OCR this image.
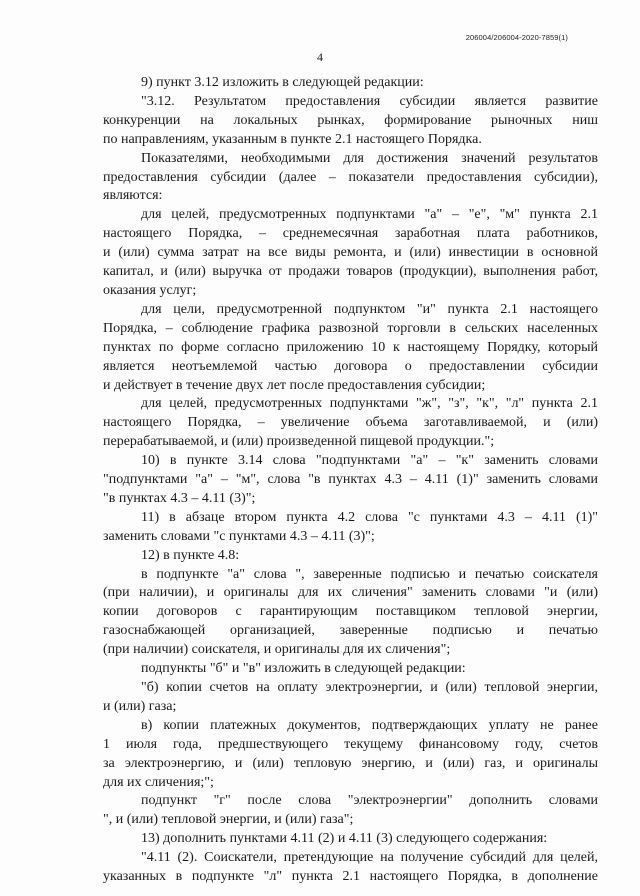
206004/206004-2020-7859(1)
4
9) пункт 3.12 изложить в следующей редакции:
"3.12. Результатом предоставления субсидии является развитие
конкуренции на локальных рынках, формирование рыночных ниш
по направлениям, указанным в пункте 2.1 настоящего Порядка.
Показателями, необходимыми для достижения значений результатов
предоставления субсидии (далее – показатели предоставления субсидии),
являются:
для целей, предусмотренных подпунктами "а" – "е", "м" пункта 2.1
настоящего Порядка, – среднемесячная заработная плата работников,
и (или) сумма затрат на все виды ремонта, и (или) инвестиции в основной
капитал, и (или) выручка от продажи товаров (продукции), выполнения работ,
оказания услуг;
для цели, предусмотренной подпунктом "и" пункта 2.1 настоящего
Порядка, – соблюдение графика развозной торговли в сельских населенных
пунктах по форме согласно приложению 10 к настоящему Порядку, который
является неотъемлемой частью договора о предоставлении субсидии
и действует в течение двух лет после предоставления субсидии;
для целей, предусмотренных подпунктами "ж", "з", "к", "л" пункта 2.1
настоящего Порядка, – увеличение объема заготавливаемой, и (или)
перерабатываемой, и (или) произведенной пищевой продукции.";
10) в пункте 3.14 слова "подпунктами "а" – "к" заменить словами
"подпунктами "а" – "м", слова "в пунктах 4.3 – 4.11 (1)" заменить словами
"в пунктах 4.3 – 4.11 (3)";
11) в абзаце втором пункта 4.2 слова "с пунктами 4.3 – 4.11 (1)"
заменить словами "с пунктами 4.3 – 4.11 (3)";
12) в пункте 4.8:
в подпункте "а" слова ", заверенные подписью и печатью соискателя
(при наличии), и оригиналы для их сличения" заменить словами "и (или)
копии договоров с гарантирующим поставщиком тепловой энергии,
газоснабжающей организацией, заверенные подписью и печатью
(при наличии) соискателя, и оригиналы для их сличения";
подпункты "б" и "в" изложить в следующей редакции:
"б) копии счетов на оплату электроэнергии, и (или) тепловой энергии,
и (или) газа;
в) копии платежных документов, подтверждающих уплату не ранее
1 июля года, предшествующего текущему финансовому году, счетов
за электроэнергию, и (или) тепловую энергию, и (или) газ, и оригиналы
для их сличения;";
подпункт "г" после слова "электроэнергии" дополнить словами
", и (или) тепловой энергии, и (или) газа";
13) дополнить пунктами 4.11 (2) и 4.11 (3) следующего содержания:
"4.11 (2). Соискатели, претендующие на получение субсидий для целей,
указанных в подпункте "л" пункта 2.1 настоящего Порядка, в дополнение
